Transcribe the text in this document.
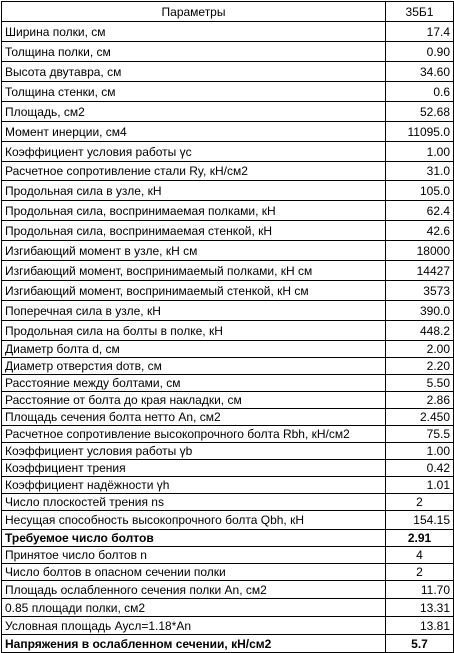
Параметры	35Б1
Ширина полки, см	17.4
Толщина полки, см	0.90
Высота двутавра, см	34.60
Толщина стенки, см	0.6
Площадь, см2	52.68
Момент инерции, см4	11095.0
Коэффициент условия работы γc	1.00
Расчетное сопротивление стали Ry, кН/см2	31.0
Продольная сила в узле, кН	105.0
Продольная сила, воспринимаемая полками, кН	62.4
Продольная сила, воспринимаемая стенкой, кН	42.6
Изгибающий момент в узле, кН см	18000
Изгибающий момент, воспринимаемый полками, кН см	14427
Изгибающий момент, воспринимаемый стенкой, кН см	3573
Поперечная сила в узле, кН	390.0
Продольная сила на болты в полке, кН	448.2
Диаметр болта d, см	2.00
Диаметр отверстия dотв, см	2.20
Расстояние между болтами, см	5.50
Расстояние от болта до края накладки, см	2.86
Площадь сечения болта нетто An, см2	2.450
Расчетное сопротивление высокопрочного болта Rbh, кН/см2	75.5
Коэффициент условия работы γb	1.00
Коэффициент трения	0.42
Коэффициент надёжности γh	1.01
Число плоскостей трения ns	2
Несущая способность высокопрочного болта Qbh, кН	154.15
Требуемое число болтов	2.91
Принятое число болтов n	4
Число болтов в опасном сечении полки	2
Площадь ослабленного сечения полки An, см2	11.70
0.85 площади полки, см2	13.31
Условная площадь Аусл=1.18*An	13.81
Напряжения в ослабленном сечении, кН/см2	5.7
